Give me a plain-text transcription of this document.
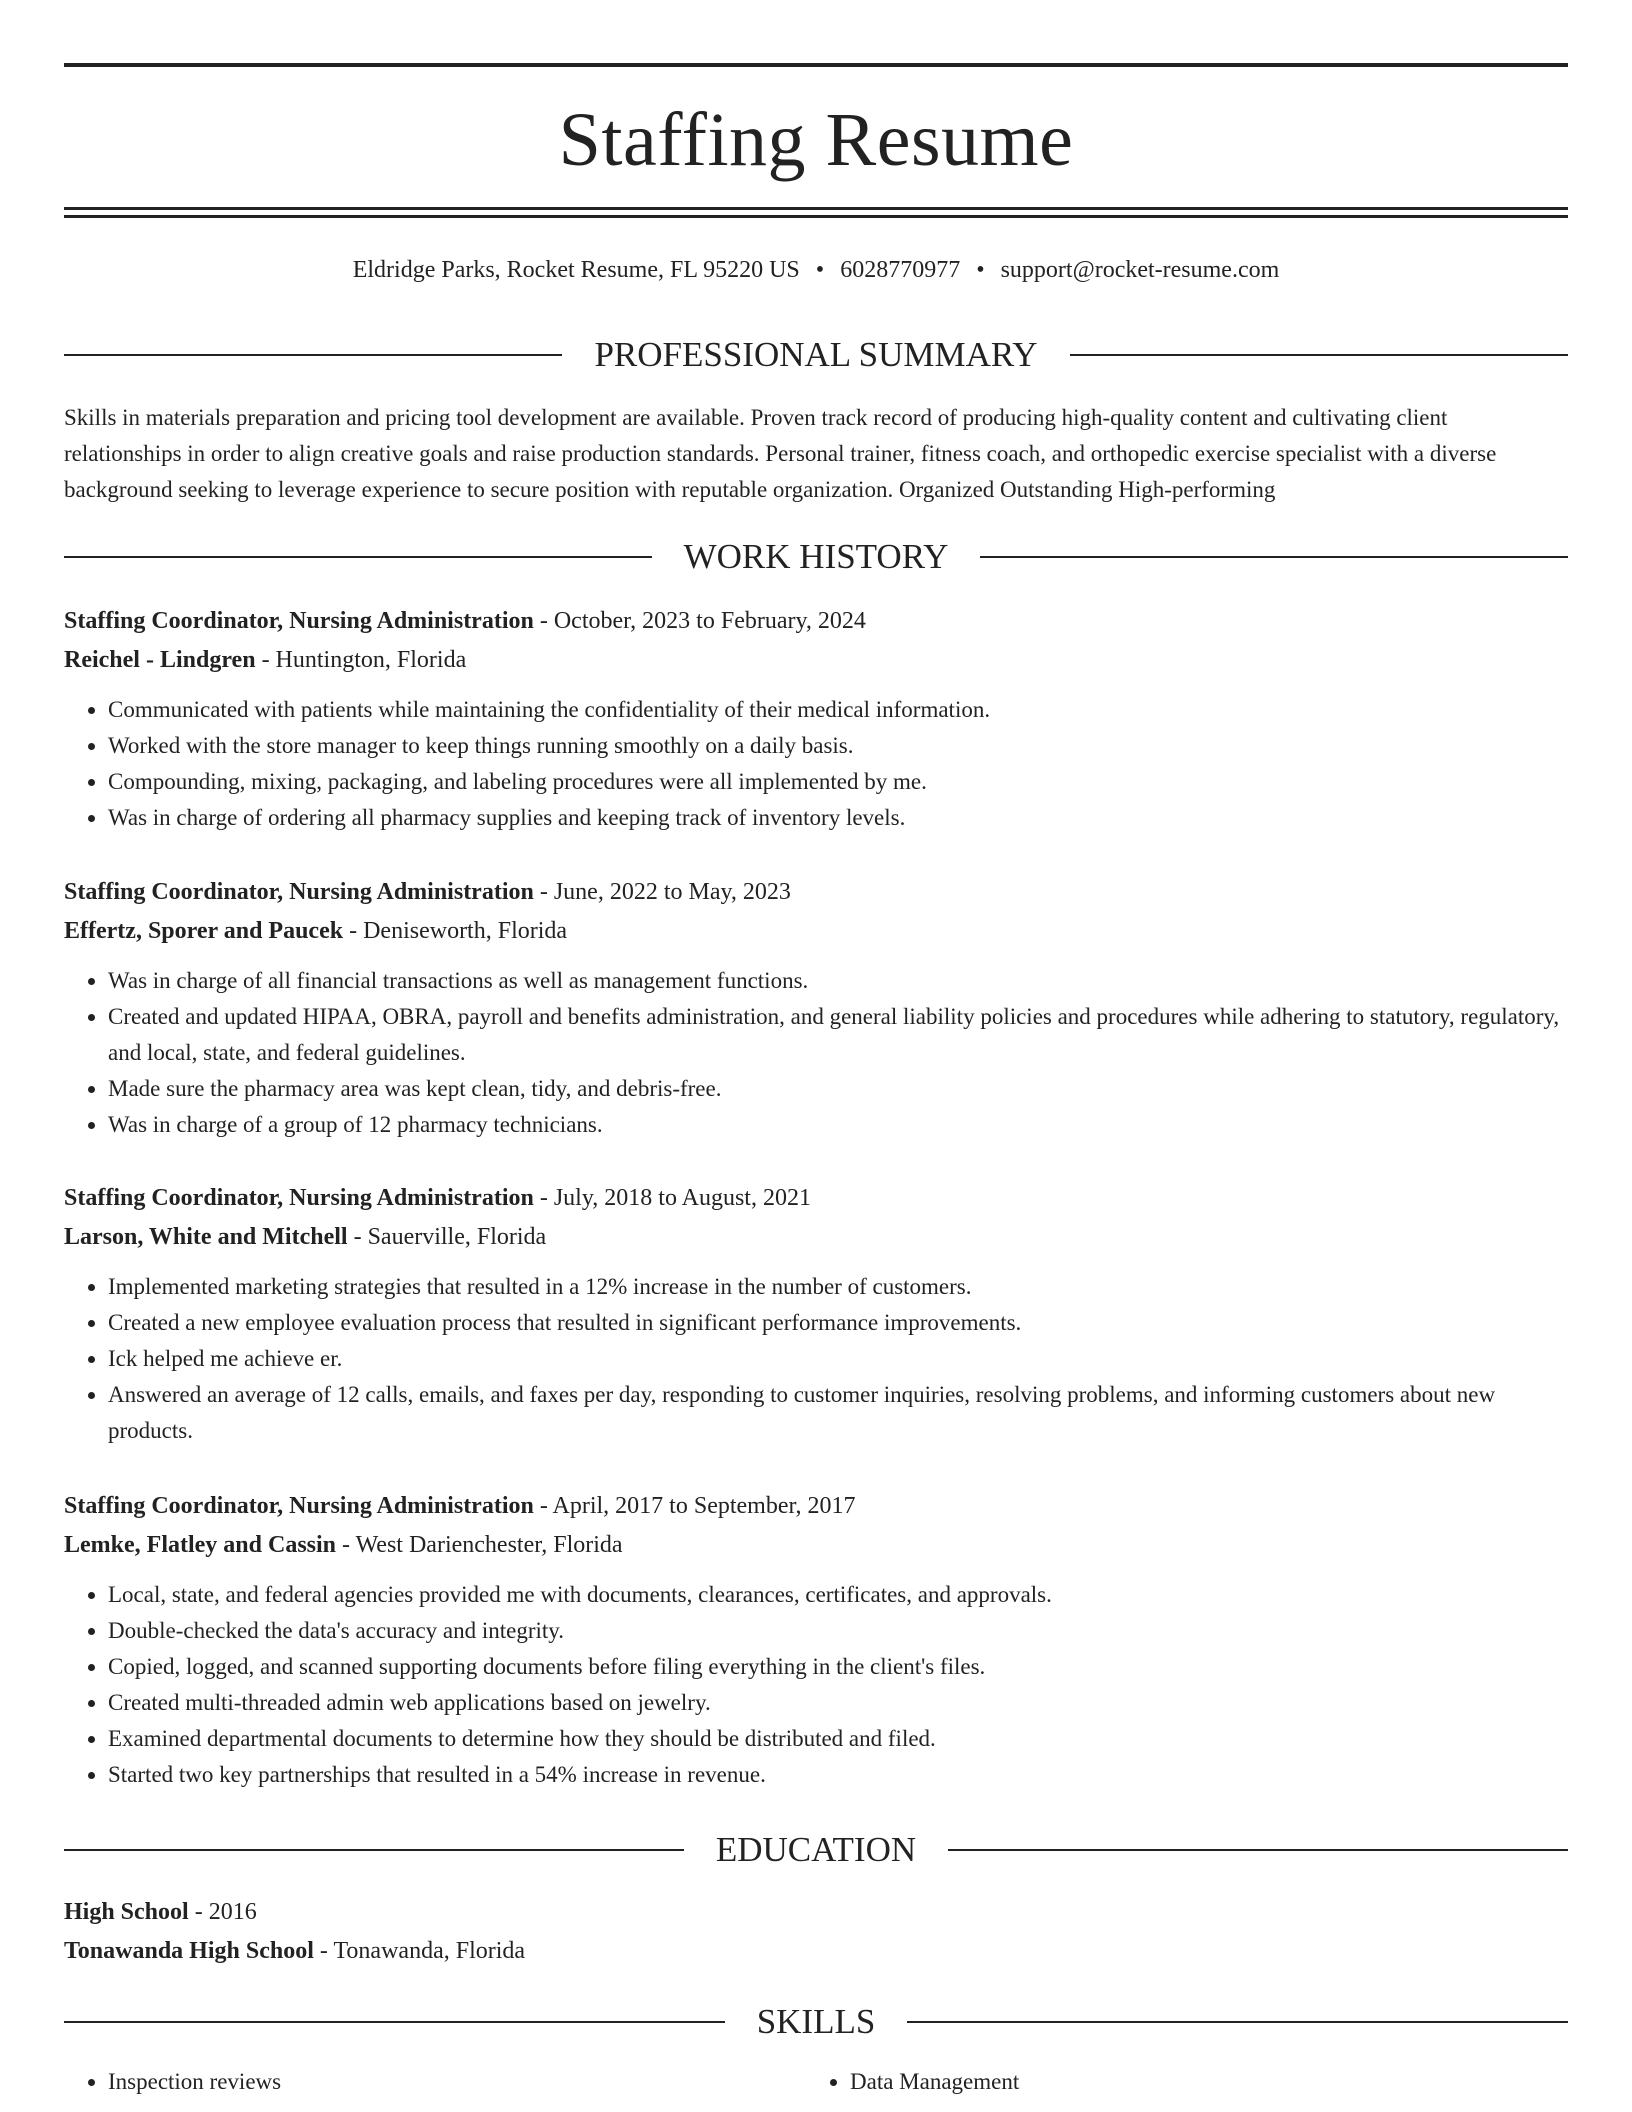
Staffing Resume
Eldridge Parks, Rocket Resume, FL 95220 US • 6028770977 • support@rocket-resume.com
PROFESSIONAL SUMMARY
Skills in materials preparation and pricing tool development are available. Proven track record of producing high-quality content and cultivating client relationships in order to align creative goals and raise production standards. Personal trainer, fitness coach, and orthopedic exercise specialist with a diverse background seeking to leverage experience to secure position with reputable organization. Organized Outstanding High-performing
WORK HISTORY
Staffing Coordinator, Nursing Administration - October, 2023 to February, 2024
Reichel - Lindgren - Huntington, Florida
• Communicated with patients while maintaining the confidentiality of their medical information.
• Worked with the store manager to keep things running smoothly on a daily basis.
• Compounding, mixing, packaging, and labeling procedures were all implemented by me.
• Was in charge of ordering all pharmacy supplies and keeping track of inventory levels.
Staffing Coordinator, Nursing Administration - June, 2022 to May, 2023
Effertz, Sporer and Paucek - Deniseworth, Florida
• Was in charge of all financial transactions as well as management functions.
• Created and updated HIPAA, OBRA, payroll and benefits administration, and general liability policies and procedures while adhering to statutory, regulatory, and local, state, and federal guidelines.
• Made sure the pharmacy area was kept clean, tidy, and debris-free.
• Was in charge of a group of 12 pharmacy technicians.
Staffing Coordinator, Nursing Administration - July, 2018 to August, 2021
Larson, White and Mitchell - Sauerville, Florida
• Implemented marketing strategies that resulted in a 12% increase in the number of customers.
• Created a new employee evaluation process that resulted in significant performance improvements.
• Ick helped me achieve er.
• Answered an average of 12 calls, emails, and faxes per day, responding to customer inquiries, resolving problems, and informing customers about new products.
Staffing Coordinator, Nursing Administration - April, 2017 to September, 2017
Lemke, Flatley and Cassin - West Darienchester, Florida
• Local, state, and federal agencies provided me with documents, clearances, certificates, and approvals.
• Double-checked the data's accuracy and integrity.
• Copied, logged, and scanned supporting documents before filing everything in the client's files.
• Created multi-threaded admin web applications based on jewelry.
• Examined departmental documents to determine how they should be distributed and filed.
• Started two key partnerships that resulted in a 54% increase in revenue.
EDUCATION
High School - 2016
Tonawanda High School - Tonawanda, Florida
SKILLS
• Inspection reviews
•	Data Management
